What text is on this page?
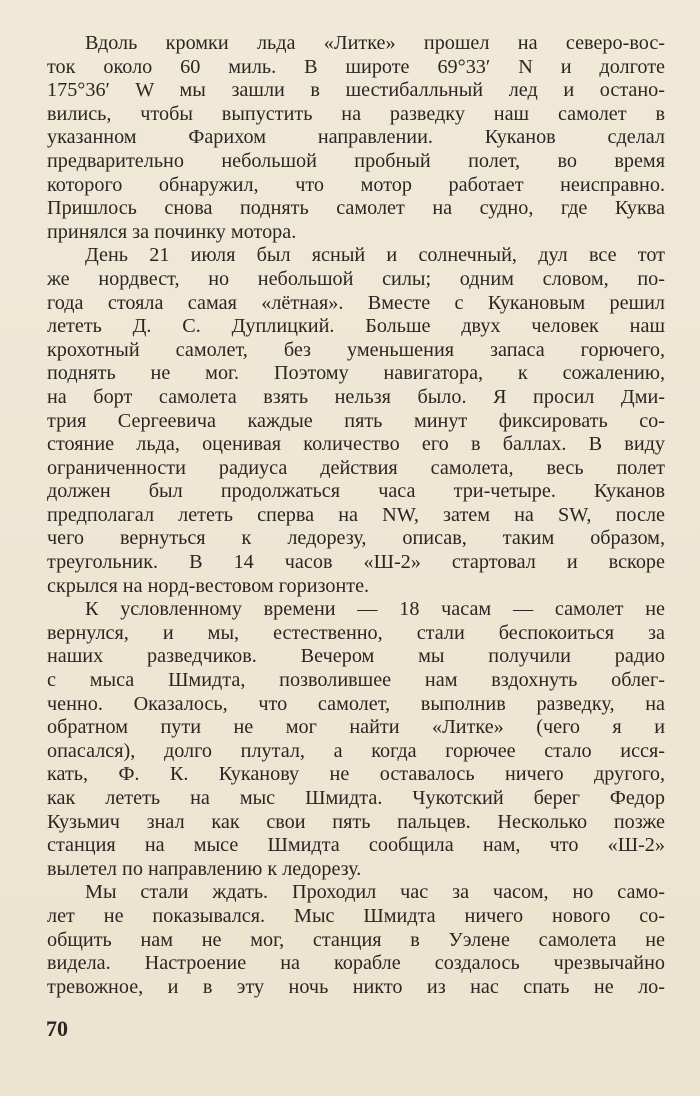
Вдоль кромки льда «Литке» прошел на северо-вос-
ток около 60 миль. В широте 69°33′ N и долготе
175°36′ W мы зашли в шестибалльный лед и остано-
вились, чтобы выпустить на разведку наш самолет в
указанном Фарихом направлении. Куканов сделал
предварительно небольшой пробный полет, во время
которого обнаружил, что мотор работает неисправно.
Пришлось снова поднять самолет на судно, где Куква
принялся за починку мотора.
День 21 июля был ясный и солнечный, дул все тот
же нордвест, но небольшой силы; одним словом, по-
года стояла самая «лётная». Вместе с Кукановым решил
лететь Д. С. Дуплицкий. Больше двух человек наш
крохотный самолет, без уменьшения запаса горючего,
поднять не мог. Поэтому навигатора, к сожалению,
на борт самолета взять нельзя было. Я просил Дми-
трия Сергеевича каждые пять минут фиксировать со-
стояние льда, оценивая количество его в баллах. В виду
ограниченности радиуса действия самолета, весь полет
должен был продолжаться часа три-четыре. Куканов
предполагал лететь сперва на NW, затем на SW, после
чего вернуться к ледорезу, описав, таким образом,
треугольник. В 14 часов «Ш-2» стартовал и вскоре
скрылся на норд-вестовом горизонте.
К условленному времени — 18 часам — самолет не
вернулся, и мы, естественно, стали беспокоиться за
наших разведчиков. Вечером мы получили радио
с мыса Шмидта, позволившее нам вздохнуть облег-
ченно. Оказалось, что самолет, выполнив разведку, на
обратном пути не мог найти «Литке» (чего я и
опасался), долго плутал, а когда горючее стало исся-
кать, Ф. К. Куканову не оставалось ничего другого,
как лететь на мыс Шмидта. Чукотский берег Федор
Кузьмич знал как свои пять пальцев. Несколько позже
станция на мысе Шмидта сообщила нам, что «Ш-2»
вылетел по направлению к ледорезу.
Мы стали ждать. Проходил час за часом, но само-
лет не показывался. Мыс Шмидта ничего нового со-
общить нам не мог, станция в Уэлене самолета не
видела. Настроение на корабле создалось чрезвычайно
тревожное, и в эту ночь никто из нас спать не ло-
70
